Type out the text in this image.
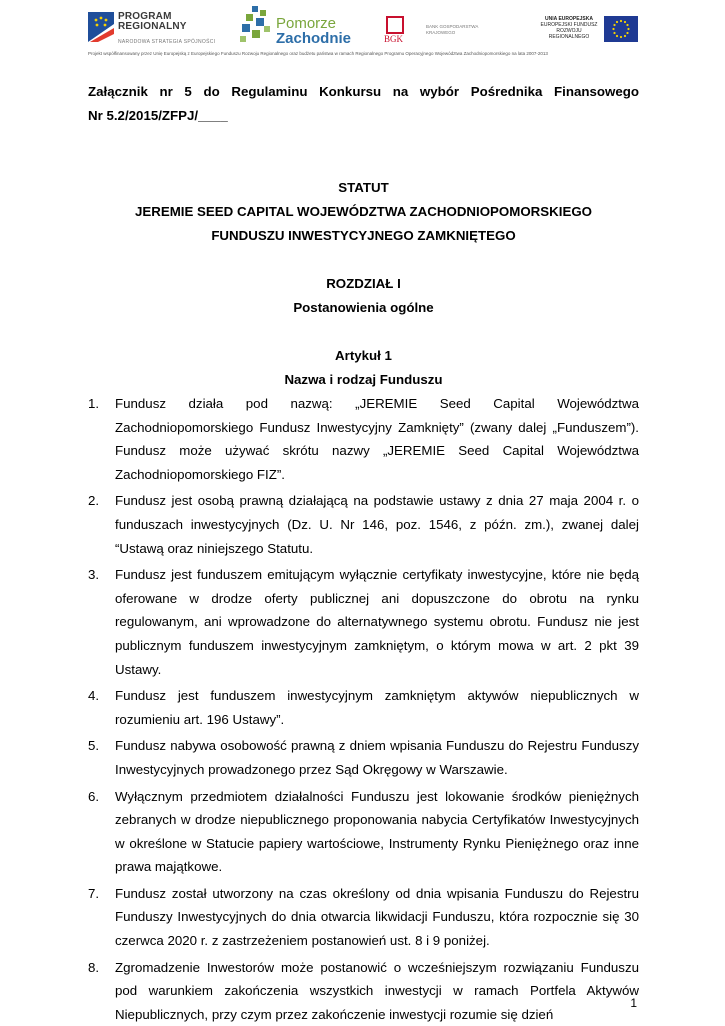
PROGRAM
REGIONALNY
NARODOWA STRATEGIA SPÓJNOŚCI
Pomorze
Zachodnie	BGK
BANK GOSPODARSTWA KRAJOWEGO
UNIA EUROPEJSKA
EUROPEJSKI FUNDUSZ
ROZWOJU REGIONALNEGO
Projekt współfinansowany przez Unię Europejską z Europejskiego Funduszu Rozwoju Regionalnego oraz budżetu państwa w ramach Regionalnego Programu Operacyjnego Województwa Zachodniopomorskiego na lata 2007-2013

Załącznik nr 5 do Regulaminu Konkursu na wybór Pośrednika Finansowego

Nr 5.2/2015/ZFPJ/____

STATUT

JEREMIE SEED CAPITAL WOJEWÓDZTWA ZACHODNIOPOMORSKIEGO

FUNDUSZU INWESTYCYJNEGO ZAMKNIĘTEGO

ROZDZIAŁ I

Postanowienia ogólne

Artykuł 1

Nazwa i rodzaj Funduszu

1. Fundusz działa pod nazwą: „JEREMIE Seed Capital Województwa Zachodniopomorskiego Fundusz Inwestycyjny Zamknięty” (zwany dalej „Funduszem”). Fundusz może używać skrótu nazwy „JEREMIE Seed Capital Województwa Zachodniopomorskiego FIZ”.
2. Fundusz jest osobą prawną działającą na podstawie ustawy z dnia 27 maja 2004 r. o funduszach inwestycyjnych (Dz. U. Nr 146, poz. 1546, z późn. zm.), zwanej dalej “Ustawą oraz niniejszego Statutu.
3. Fundusz jest funduszem emitującym wyłącznie certyfikaty inwestycyjne, które nie będą oferowane w drodze oferty publicznej ani dopuszczone do obrotu na rynku regulowanym, ani wprowadzone do alternatywnego systemu obrotu. Fundusz nie jest publicznym funduszem inwestycyjnym zamkniętym, o którym mowa w art. 2 pkt 39 Ustawy.
4. Fundusz jest funduszem inwestycyjnym zamkniętym aktywów niepublicznych w rozumieniu art. 196 Ustawy”.
5. Fundusz nabywa osobowość prawną z dniem wpisania Funduszu do Rejestru Funduszy Inwestycyjnych prowadzonego przez Sąd Okręgowy w Warszawie.
6. Wyłącznym przedmiotem działalności Funduszu jest lokowanie środków pieniężnych zebranych w drodze niepublicznego proponowania nabycia Certyfikatów Inwestycyjnych w określone w Statucie papiery wartościowe, Instrumenty Rynku Pieniężnego oraz inne prawa majątkowe.
7. Fundusz został utworzony na czas określony od dnia wpisania Funduszu do Rejestru Funduszy Inwestycyjnych do dnia otwarcia likwidacji Funduszu, która rozpocznie się 30 czerwca 2020 r. z zastrzeżeniem postanowień ust. 8 i 9 poniżej.
8. Zgromadzenie Inwestorów może postanowić o wcześniejszym rozwiązaniu Funduszu pod warunkiem zakończenia wszystkich inwestycji w ramach Portfela Aktywów Niepublicznych, przy czym przez zakończenie inwestycji rozumie się dzień
1
